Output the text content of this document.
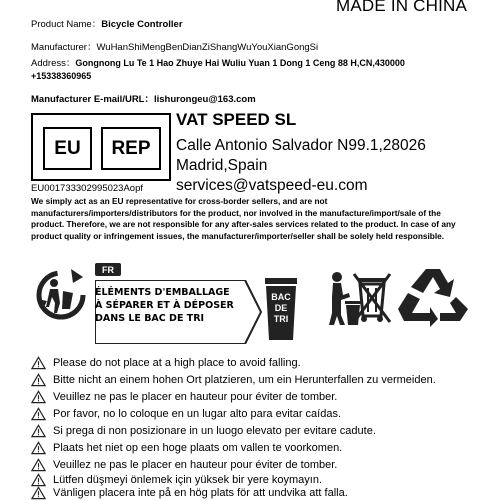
MADE IN CHINA
Product Name：Bicycle Controller
Manufacturer：WuHanShiMengBenDianZiShangWuYouXianGongSi
Address：Gongnong Lu Te 1 Hao Zhuye Hai Wuliu Yuan 1 Dong 1 Ceng 88 H,CN,430000
+15338360965
Manufacturer E-mail/URL：lishurongeu@163.com
EU	REP
EU001733302995023Aopf
VAT SPEED SL
Calle Antonio Salvador N99.1,28026
Madrid,Spain
services@vatspeed-eu.com
We simply act as an EU representative for cross-border sellers, and are not manufacturers/importers/distributors for the product, nor involved in the manufacture/import/sale of the product. Therefore, we are not responsible for any after-sales services related to the product. In case of any product quality or infringement issues, the manufacturer/importer/seller shall be solely held responsible.
FR
ÉLÉMENTS D'EMBALLAGE
À SÉPARER ET À DÉPOSER
DANS LE BAC DE TRI
BAC
DE
TRI
Please do not place at a high place to avoid falling.
Bitte nicht an einem hohen Ort platzieren, um ein Herunterfallen zu vermeiden.
Veuillez ne pas le placer en hauteur pour éviter de tomber.
Por favor, no lo coloque en un lugar alto para evitar caídas.
Si prega di non posizionare in un luogo elevato per evitare cadute.
Plaats het niet op een hoge plaats om vallen te voorkomen.
Veuillez ne pas le placer en hauteur pour éviter de tomber.
Lütfen düşmeyi önlemek için yüksek bir yere koymayın.
Vänligen placera inte på en hög plats för att undvika att falla.
